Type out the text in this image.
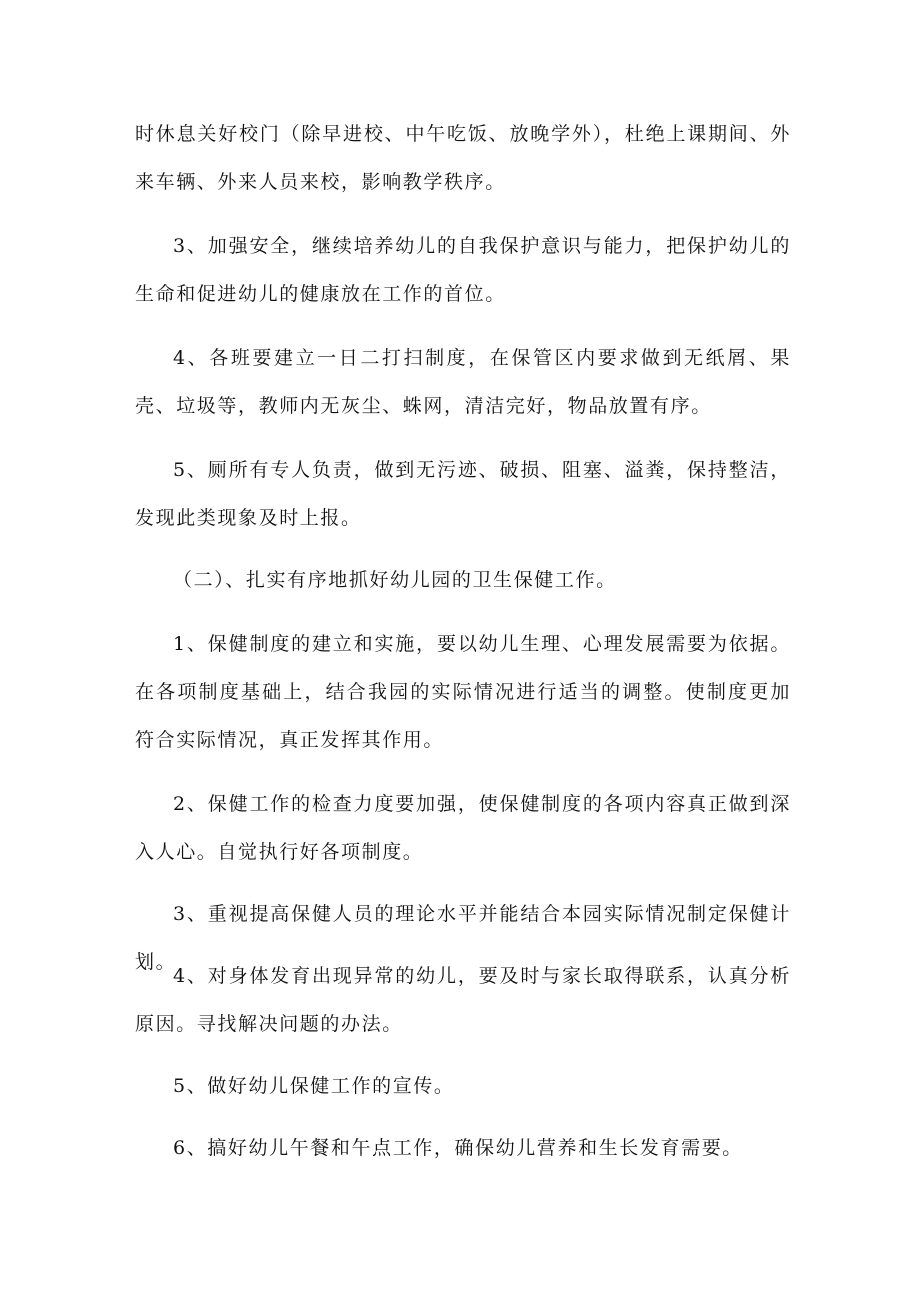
时休息关好校门（除早进校、中午吃饭、放晚学外），杜绝上课期间、外来车辆、外来人员来校，影响教学秩序。

3、加强安全，继续培养幼儿的自我保护意识与能力，把保护幼儿的生命和促进幼儿的健康放在工作的首位。

4、各班要建立一日二打扫制度，在保管区内要求做到无纸屑、果壳、垃圾等，教师内无灰尘、蛛网，清洁完好，物品放置有序。

5、厕所有专人负责，做到无污迹、破损、阻塞、溢粪，保持整洁，发现此类现象及时上报。

（二）、扎实有序地抓好幼儿园的卫生保健工作。

1、保健制度的建立和实施，要以幼儿生理、心理发展需要为依据。在各项制度基础上，结合我园的实际情况进行适当的调整。使制度更加符合实际情况，真正发挥其作用。

2、保健工作的检查力度要加强，使保健制度的各项内容真正做到深入人心。自觉执行好各项制度。

3、重视提高保健人员的理论水平并能结合本园实际情况制定保健计划。

4、对身体发育出现异常的幼儿，要及时与家长取得联系，认真分析原因。寻找解决问题的办法。

5、做好幼儿保健工作的宣传。

6、搞好幼儿午餐和午点工作，确保幼儿营养和生长发育需要。
